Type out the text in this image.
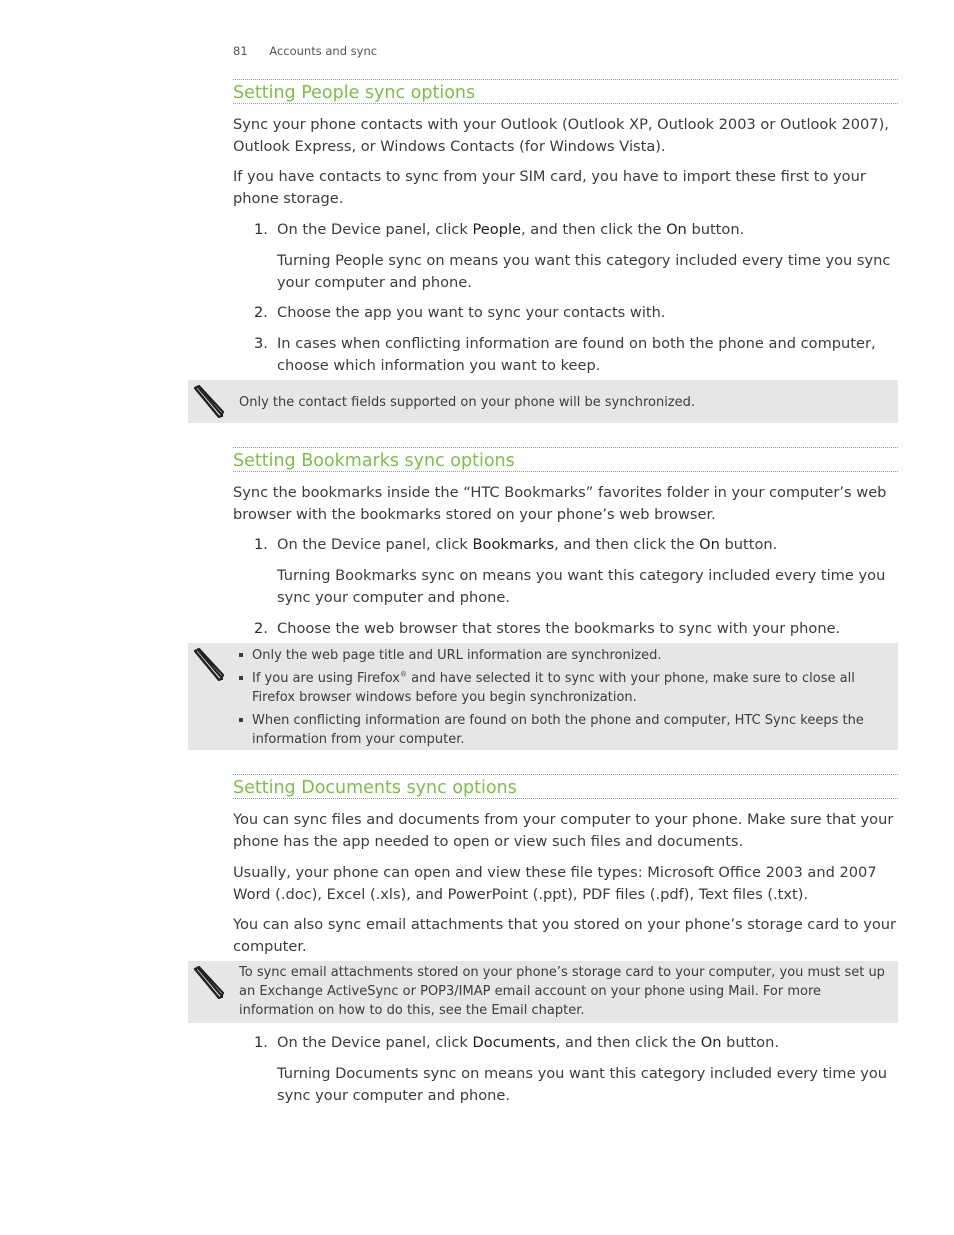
81 Accounts and sync
Setting People sync options

Sync your phone contacts with your Outlook (Outlook XP, Outlook 2003 or Outlook 2007), Outlook Express, or Windows Contacts (for Windows Vista).

If you have contacts to sync from your SIM card, you have to import these first to your phone storage.

1. On the Device panel, click People, and then click the On button.

Turning People sync on means you want this category included every time you sync your computer and phone.

2. Choose the app you want to sync your contacts with.

3. In cases when conflicting information are found on both the phone and computer, choose which information you want to keep.

Only the contact fields supported on your phone will be synchronized.

Setting Bookmarks sync options

Sync the bookmarks inside the “HTC Bookmarks” favorites folder in your computer’s web browser with the bookmarks stored on your phone’s web browser.

1. On the Device panel, click Bookmarks, and then click the On button.

Turning Bookmarks sync on means you want this category included every time you sync your computer and phone.

2. Choose the web browser that stores the bookmarks to sync with your phone.

Only the web page title and URL information are synchronized.
If you are using Firefox® and have selected it to sync with your phone, make sure to close all Firefox browser windows before you begin synchronization.
When conflicting information are found on both the phone and computer, HTC Sync keeps the information from your computer.
Setting Documents sync options

You can sync files and documents from your computer to your phone. Make sure that your phone has the app needed to open or view such files and documents.

Usually, your phone can open and view these file types: Microsoft Office 2003 and 2007 Word (.doc), Excel (.xls), and PowerPoint (.ppt), PDF files (.pdf), Text files (.txt).

You can also sync email attachments that you stored on your phone’s storage card to your computer.

To sync email attachments stored on your phone’s storage card to your computer, you must set up an Exchange ActiveSync or POP3/IMAP email account on your phone using Mail. For more information on how to do this, see the Email chapter.

1. On the Device panel, click Documents, and then click the On button.

Turning Documents sync on means you want this category included every time you sync your computer and phone.
